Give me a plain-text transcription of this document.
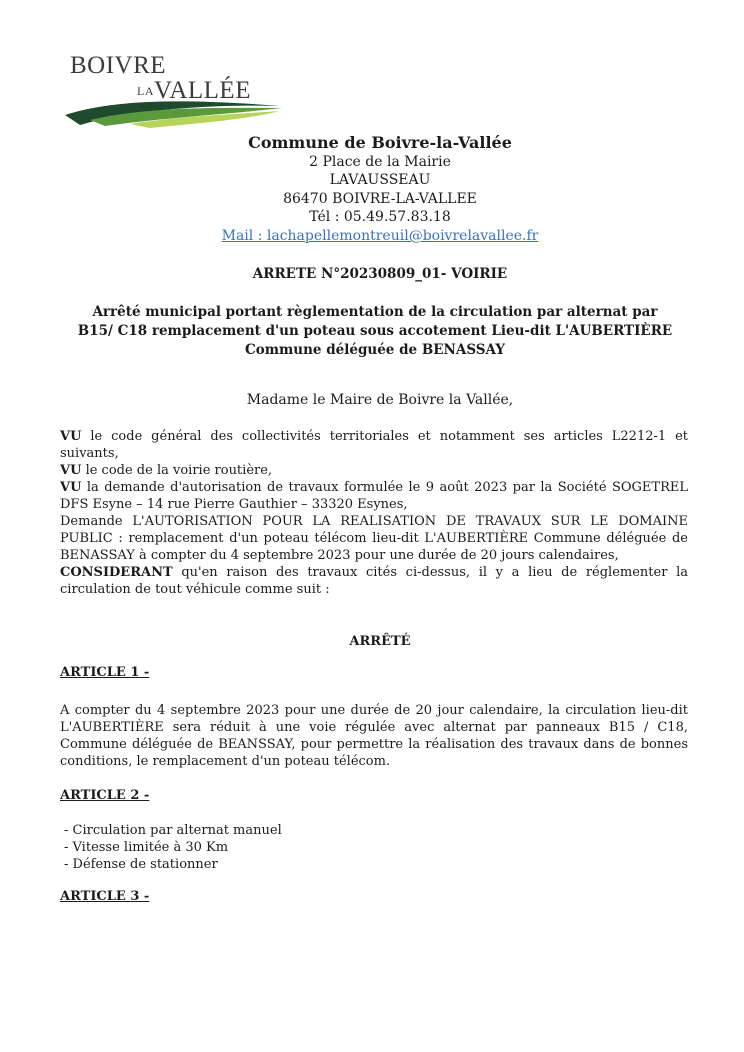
BOIVRE
LA VALLÉE
Commune de Boivre-la-Vallée
2 Place de la Mairie
LAVAUSSEAU
86470 BOIVRE-LA-VALLEE
Tél : 05.49.57.83.18
Mail : lachapellemontreuil@boivrelavallee.fr
ARRETE N°20230809_01- VOIRIE
Arrêté municipal portant règlementation de la circulation par alternat par
B15/ C18 remplacement d'un poteau sous accotement Lieu-dit L'AUBERTIÈRE
Commune déléguée de BENASSAY
Madame le Maire de Boivre la Vallée,

VU le code général des collectivités territoriales et notamment ses articles L2212-1 et suivants,

VU le code de la voirie routière,

VU la demande d'autorisation de travaux formulée le 9 août 2023 par la Société SOGETREL DFS Esyne – 14 rue Pierre Gauthier – 33320 Esynes,

Demande L'AUTORISATION POUR LA REALISATION DE TRAVAUX SUR LE DOMAINE PUBLIC : remplacement d'un poteau télécom lieu-dit L'AUBERTIÈRE Commune déléguée de BENASSAY à compter du 4 septembre 2023 pour une durée de 20 jours calendaires,

CONSIDERANT qu'en raison des travaux cités ci-dessus, il y a lieu de réglementer la circulation de tout véhicule comme suit :

ARRÊTÉ
ARTICLE 1 -
A compter du 4 septembre 2023 pour une durée de 20 jour calendaire, la circulation lieu-dit L'AUBERTIÈRE sera réduit à une voie régulée avec alternat par panneaux B15 / C18, Commune déléguée de BEANSSAY, pour permettre la réalisation des travaux dans de bonnes conditions, le remplacement d'un poteau télécom.
ARTICLE 2 -
- Circulation par alternat manuel
- Vitesse limitée à 30 Km
- Défense de stationner
ARTICLE 3 -
